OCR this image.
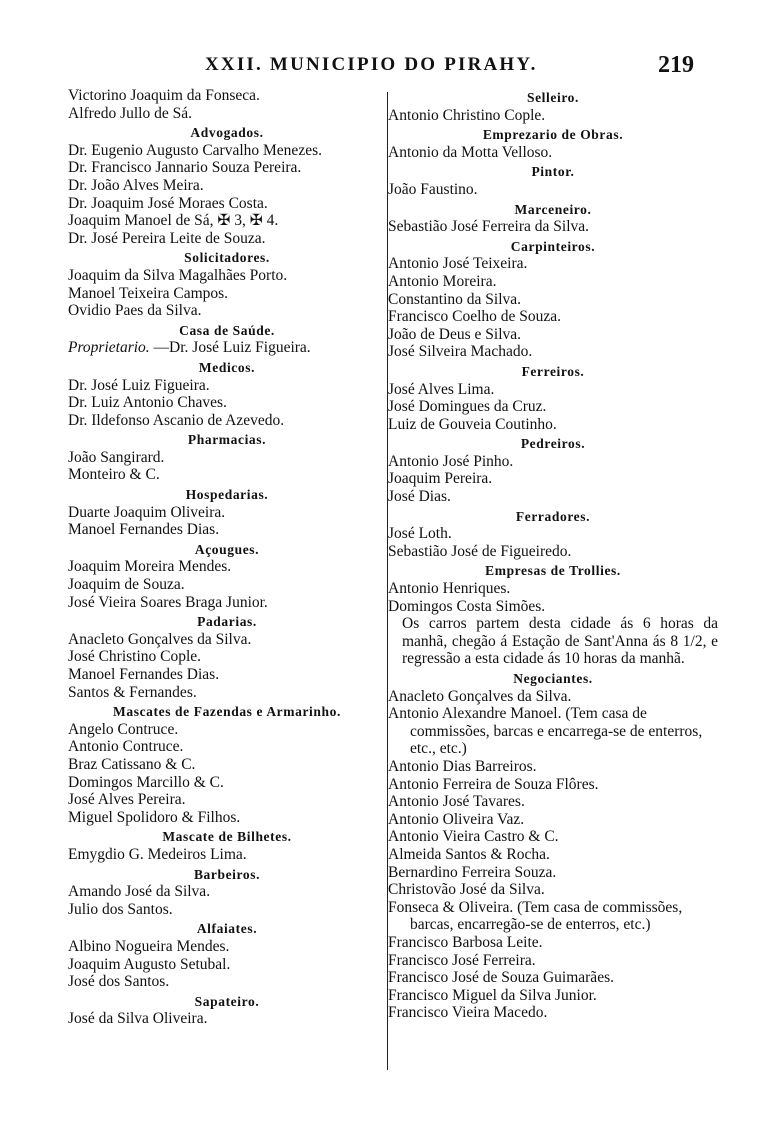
XXII. MUNICIPIO DO PIRAHY.	219
Victorino Joaquim da Fonseca.
Alfredo Jullo de Sá.
Advogados.
Dr. Eugenio Augusto Carvalho Menezes.
Dr. Francisco Jannario Souza Pereira.
Dr. João Alves Meira.
Dr. Joaquim José Moraes Costa.
Joaquim Manoel de Sá, ✠ 3, ✠ 4.
Dr. José Pereira Leite de Souza.
Solicitadores.
Joaquim da Silva Magalhães Porto.
Manoel Teixeira Campos.
Ovidio Paes da Silva.
Casa de Saúde.
Proprietario. —Dr. José Luiz Figueira.
Medicos.
Dr. José Luiz Figueira.
Dr. Luiz Antonio Chaves.
Dr. Ildefonso Ascanio de Azevedo.
Pharmacias.
João Sangirard.
Monteiro & C.
Hospedarias.
Duarte Joaquim Oliveira.
Manoel Fernandes Dias.
Açougues.
Joaquim Moreira Mendes.
Joaquim de Souza.
José Vieira Soares Braga Junior.
Padarias.
Anacleto Gonçalves da Silva.
José Christino Cople.
Manoel Fernandes Dias.
Santos & Fernandes.
Mascates de Fazendas e Armarinho.
Angelo Contruce.
Antonio Contruce.
Braz Catissano & C.
Domingos Marcillo & C.
José Alves Pereira.
Miguel Spolidoro & Filhos.
Mascate de Bilhetes.
Emygdio G. Medeiros Lima.
Barbeiros.
Amando José da Silva.
Julio dos Santos.
Alfaiates.
Albino Nogueira Mendes.
Joaquim Augusto Setubal.
José dos Santos.
Sapateiro.
José da Silva Oliveira.
Selleiro.
Antonio Christino Cople.
Emprezario de Obras.
Antonio da Motta Velloso.
Pintor.
João Faustino.
Marceneiro.
Sebastião José Ferreira da Silva.
Carpinteiros.
Antonio José Teixeira.
Antonio Moreira.
Constantino da Silva.
Francisco Coelho de Souza.
João de Deus e Silva.
José Silveira Machado.
Ferreiros.
José Alves Lima.
José Domingues da Cruz.
Luiz de Gouveia Coutinho.
Pedreiros.
Antonio José Pinho.
Joaquim Pereira.
José Dias.
Ferradores.
José Loth.
Sebastião José de Figueiredo.
Empresas de Trollies.
Antonio Henriques.
Domingos Costa Simões.
Os carros partem desta cidade ás 6 horas da manhã, chegão á Estação de Sant'Anna ás 8 1/2, e regressão a esta cidade ás 10 horas da manhã.
Negociantes.
Anacleto Gonçalves da Silva.
Antonio Alexandre Manoel. (Tem casa de commissões, barcas e encarrega-se de enterros, etc., etc.)
Antonio Dias Barreiros.
Antonio Ferreira de Souza Flôres.
Antonio José Tavares.
Antonio Oliveira Vaz.
Antonio Vieira Castro & C.
Almeida Santos & Rocha.
Bernardino Ferreira Souza.
Christovão José da Silva.
Fonseca & Oliveira. (Tem casa de commissões, barcas, encarregão-se de enterros, etc.)
Francisco Barbosa Leite.
Francisco José Ferreira.
Francisco José de Souza Guimarães.
Francisco Miguel da Silva Junior.
Francisco Vieira Macedo.
